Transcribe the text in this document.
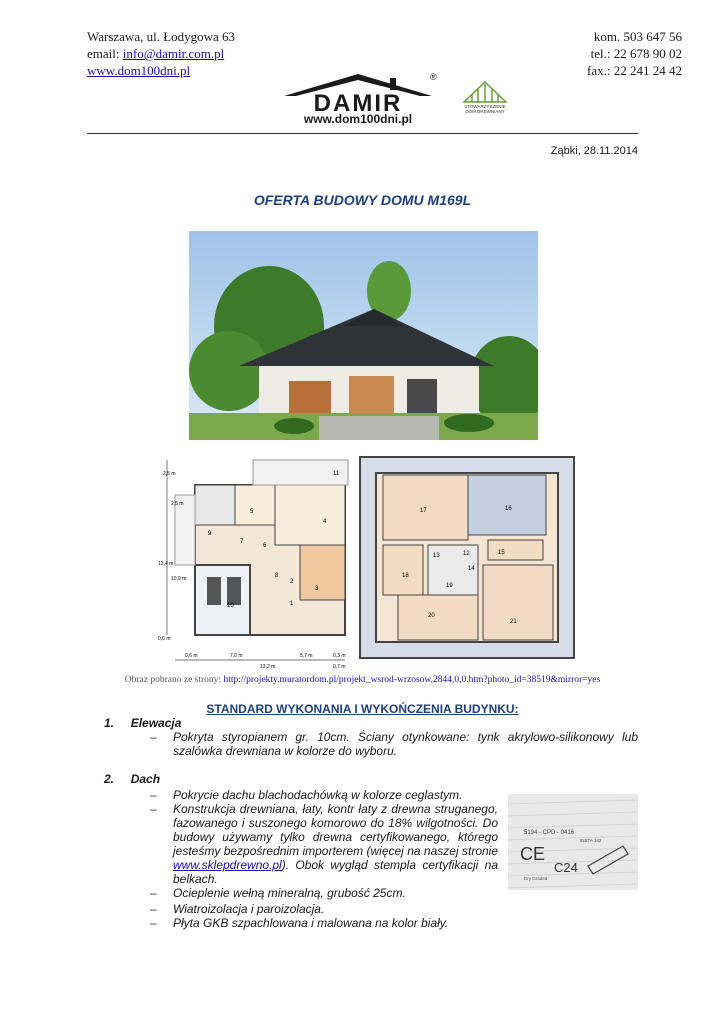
Warszawa, ul. Łodygowa 63
email: info@damir.com.pl
www.dom100dni.pl
kom. 503 647 56
tel.: 22 678 90 02
fax.: 22 241 24 42
®
DAMIR
www.dom100dni.pl
STOWARZYSZENIE DOM DREWNIANY
Ząbki, 28.11.2014
OFERTA BUDOWY DOMU M169L
0,6 m	7,0 m
13,2 m
5,7 m	0,3 m
0,7 m
2,5 m
2,5 m
13,4 m
10,9 m
0,6 m
1
2
3
4
5
6
7
8
9
10
11
12
13
14
15
16
17
18
19
20
21
Obraz pobrano ze strony: http://projekty.muratordom.pl/projekt_wsrod-wrzosow,2844,0,0.htm?photo_id=38519&mirror=yes
STANDARD WYKONANIA I WYKOŃCZENIA BUDYNKU:
1. Elewacja
– Pokryta styropianem gr. 10cm. Ściany otynkowane: tynk akrylowo-silikonowy lub szalówka drewniana w kolorze do wyboru.
2. Dach
– Pokrycie dachu blachodachówką w kolorze ceglastym.
– Konstrukcja drewniana, łaty, kontr łaty z drewna struganego, fazowanego i suszonego komorowo do 18% wilgotności. Do budowy używamy tylko drewna certyfikowanego, którego jesteśmy bezpośrednim importerem (więcej na naszej stronie www.sklepdrewno.pl). Obok wygląd stempla certyfikacji na belkach.
– Ocieplenie wełną mineralną, grubość 25cm.
– Wiatroizolacja i paroizolacja.
– Płyta GKB szpachlowana i malowana na kolor biały.
5194 - CPD - 0416
INSTA 142
CE
C24
Dry Graded
